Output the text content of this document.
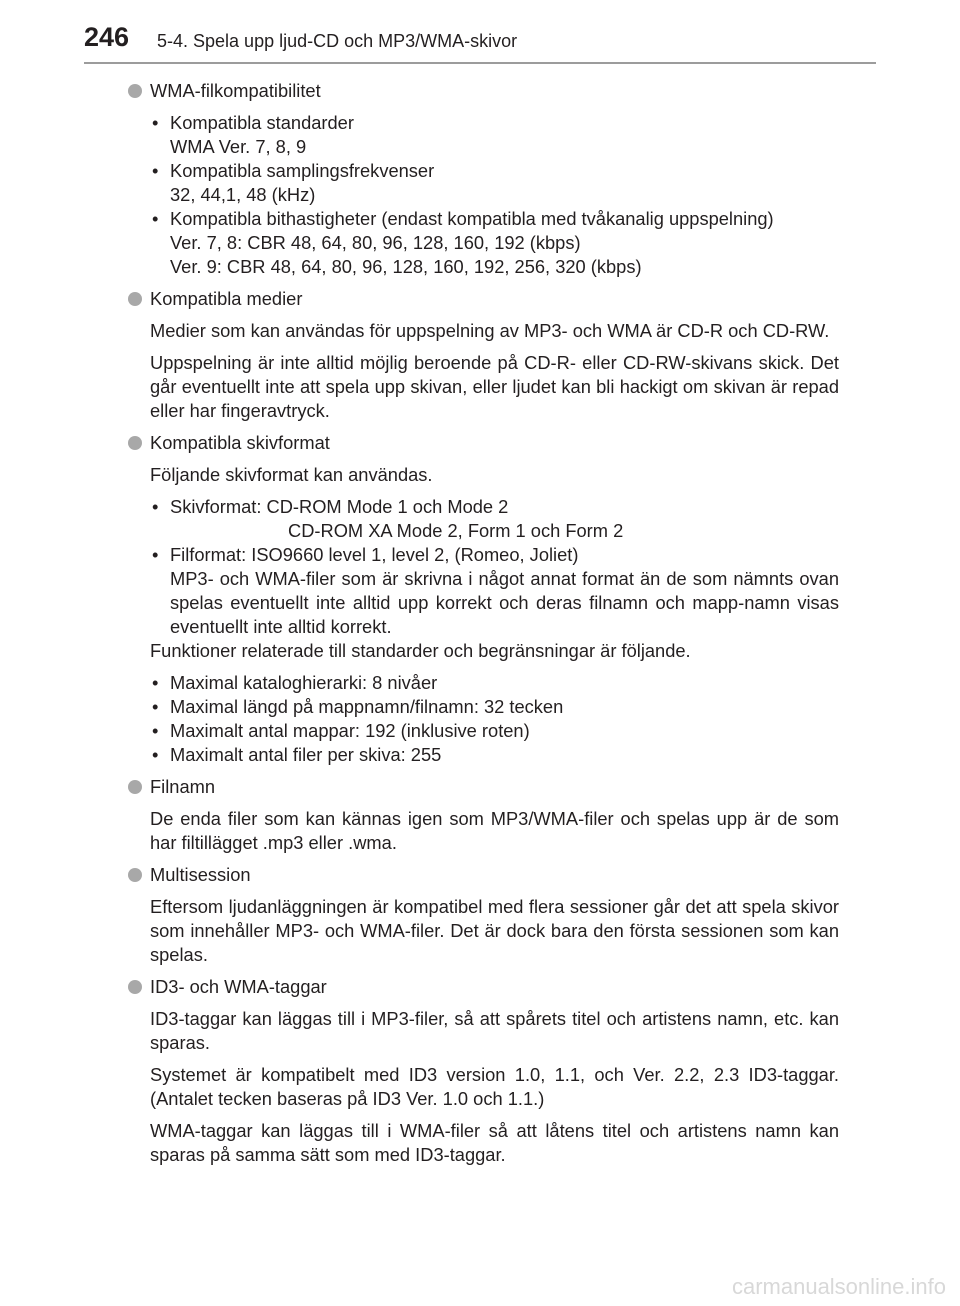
246 5-4. Spela upp ljud-CD och MP3/WMA-skivor
WMA-filkompatibilitet
• Kompatibla standarder
WMA Ver. 7, 8, 9
• Kompatibla samplingsfrekvenser
32, 44,1, 48 (kHz)
• Kompatibla bithastigheter (endast kompatibla med tvåkanalig uppspelning)
Ver. 7, 8: CBR 48, 64, 80, 96, 128, 160, 192 (kbps)
Ver. 9: CBR 48, 64, 80, 96, 128, 160, 192, 256, 320 (kbps)
Kompatibla medier

Medier som kan användas för uppspelning av MP3- och WMA är CD-R och CD-RW.

Uppspelning är inte alltid möjlig beroende på CD-R- eller CD-RW-skivans skick. Det går eventuellt inte att spela upp skivan, eller ljudet kan bli hackigt om skivan är repad eller har fingeravtryck.

Kompatibla skivformat

Följande skivformat kan användas.

• Skivformat: CD-ROM Mode 1 och Mode 2
CD-ROM XA Mode 2, Form 1 och Form 2
• Filformat: ISO9660 level 1, level 2, (Romeo, Joliet)
MP3- och WMA-filer som är skrivna i något annat format än de som nämnts ovan spelas eventuellt inte alltid upp korrekt och deras filnamn och mapp-namn visas eventuellt inte alltid korrekt.

Funktioner relaterade till standarder och begränsningar är följande.

• Maximal kataloghierarki: 8 nivåer
• Maximal längd på mappnamn/filnamn: 32 tecken
• Maximalt antal mappar: 192 (inklusive roten)
• Maximalt antal filer per skiva: 255
Filnamn

De enda filer som kan kännas igen som MP3/WMA-filer och spelas upp är de som har filtillägget .mp3 eller .wma.

Multisession

Eftersom ljudanläggningen är kompatibel med flera sessioner går det att spela skivor som innehåller MP3- och WMA-filer. Det är dock bara den första sessionen som kan spelas.

ID3- och WMA-taggar

ID3-taggar kan läggas till i MP3-filer, så att spårets titel och artistens namn, etc. kan sparas.

Systemet är kompatibelt med ID3 version 1.0, 1.1, och Ver. 2.2, 2.3 ID3-taggar. (Antalet tecken baseras på ID3 Ver. 1.0 och 1.1.)

WMA-taggar kan läggas till i WMA-filer så att låtens titel och artistens namn kan sparas på samma sätt som med ID3-taggar.

carmanualsonline.info
